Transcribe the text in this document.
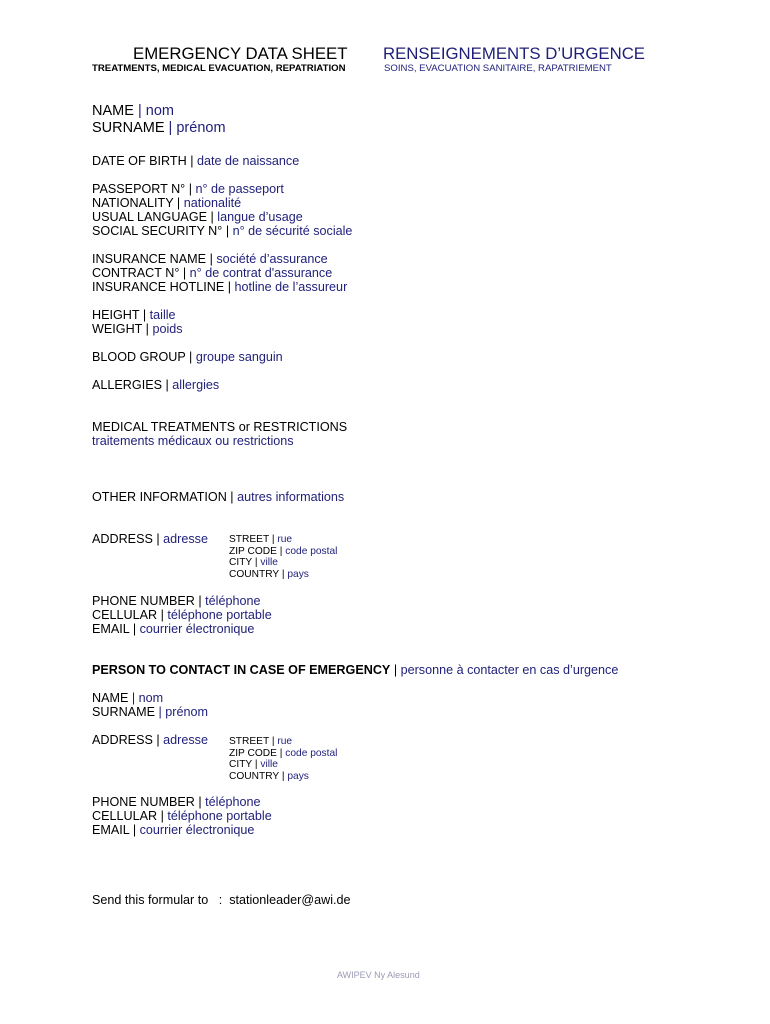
EMERGENCY DATA SHEET RENSEIGNEMENTS D’URGENCE
TREATMENTS, MEDICAL EVACUATION, REPATRIATION	SOINS, EVACUATION SANITAIRE, RAPATRIEMENT
NAME | nom
SURNAME | prénom
DATE OF BIRTH | date de naissance
PASSEPORT N° | n° de passeport
NATIONALITY | nationalité
USUAL LANGUAGE | langue d’usage
SOCIAL SECURITY N° | n° de sécurité sociale
INSURANCE NAME | société d’assurance
CONTRACT N° | n° de contrat d'assurance
INSURANCE HOTLINE | hotline de l’assureur
HEIGHT | taille
WEIGHT | poids
BLOOD GROUP | groupe sanguin
ALLERGIES | allergies
MEDICAL TREATMENTS or RESTRICTIONS
traitements médicaux ou restrictions
OTHER INFORMATION | autres informations
ADDRESS | adresse STREET | rue
ZIP CODE | code postal
CITY | ville
COUNTRY | pays
PHONE NUMBER | téléphone
CELLULAR | téléphone portable
EMAIL | courrier électronique
PERSON TO CONTACT IN CASE OF EMERGENCY | personne à contacter en cas d’urgence
NAME | nom
SURNAME | prénom
ADDRESS | adresse STREET | rue
ZIP CODE | code postal
CITY | ville
COUNTRY | pays
PHONE NUMBER | téléphone
CELLULAR | téléphone portable
EMAIL | courrier électronique
Send this formular to : stationleader@awi.de
AWIPEV Ny Alesund
